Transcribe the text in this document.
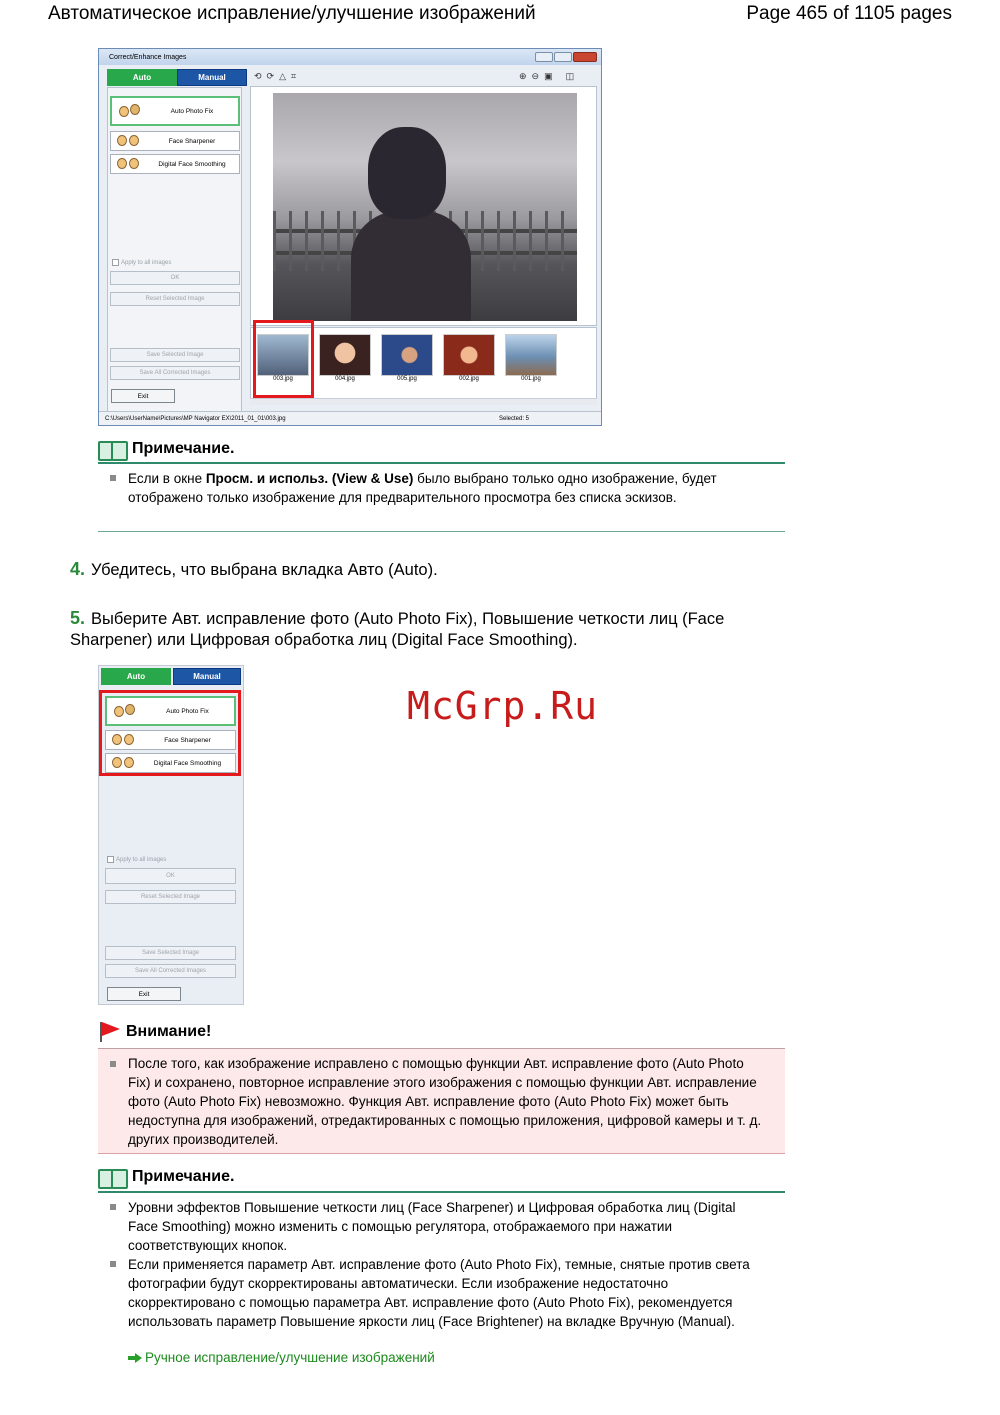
Автоматическое исправление/улучшение изображений	Page 465 of 1105 pages
Correct/Enhance Images
Auto	Manual	⟲ ⟳ △ ⌗	⊕ ⊖ ▣ ◫
Auto Photo Fix
Face Sharpener
Digital Face Smoothing
Apply to all images
OK
Reset Selected Image
Save Selected Image
Save All Corrected Images
Exit
003.jpg	004.jpg	005.jpg	002.jpg	001.jpg
C:\Users\UserName\Pictures\MP Navigator EX\2011_01_01\003.jpg	Selected: 5
Примечание.
Если в окне Просм. и использ. (View & Use) было выбрано только одно изображение, будет отображено только изображение для предварительного просмотра без списка эскизов.
4. Убедитесь, что выбрана вкладка Авто (Auto).
5. Выберите Авт. исправление фото (Auto Photo Fix), Повышение четкости лиц (Face Sharpener) или Цифровая обработка лиц (Digital Face Smoothing).
Auto	Manual
Auto Photo Fix
Face Sharpener
Digital Face Smoothing
Apply to all images
OK
Reset Selected Image
Save Selected Image
Save All Corrected Images
Exit
McGrp.Ru
Внимание!
После того, как изображение исправлено с помощью функции Авт. исправление фото (Auto Photo Fix) и сохранено, повторное исправление этого изображения с помощью функции Авт. исправление фото (Auto Photo Fix) невозможно. Функция Авт. исправление фото (Auto Photo Fix) может быть недоступна для изображений, отредактированных с помощью приложения, цифровой камеры и т. д. других производителей.
Примечание.
Уровни эффектов Повышение четкости лиц (Face Sharpener) и Цифровая обработка лиц (Digital Face Smoothing) можно изменить с помощью регулятора, отображаемого при нажатии соответствующих кнопок.
Если применяется параметр Авт. исправление фото (Auto Photo Fix), темные, снятые против света фотографии будут скорректированы автоматически. Если изображение недостаточно скорректировано с помощью параметра Авт. исправление фото (Auto Photo Fix), рекомендуется использовать параметр Повышение яркости лиц (Face Brightener) на вкладке Вручную (Manual).
Ручное исправление/улучшение изображений
